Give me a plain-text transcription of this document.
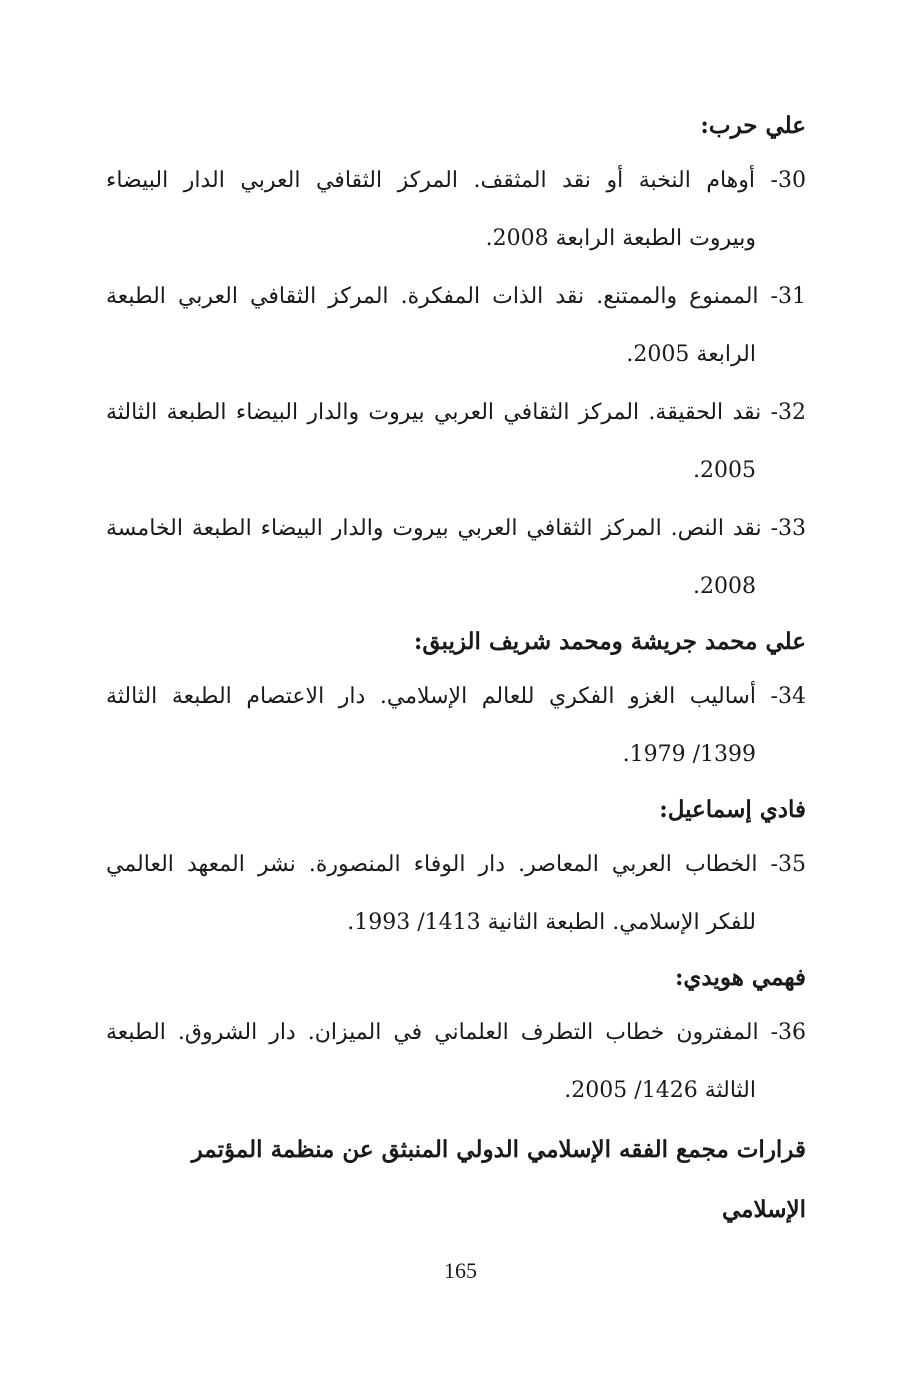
علي حرب:

30- أوهام النخبة أو نقد المثقف. المركز الثقافي العربي الدار البيضاء
وبيروت الطبعة الرابعة 2008.

31- الممنوع والممتنع. نقد الذات المفكرة. المركز الثقافي العربي الطبعة
الرابعة 2005.

32- نقد الحقيقة. المركز الثقافي العربي بيروت والدار البيضاء الطبعة الثالثة
2005.

33- نقد النص. المركز الثقافي العربي بيروت والدار البيضاء الطبعة الخامسة
2008.

علي محمد جريشة ومحمد شريف الزيبق:

34- أساليب الغزو الفكري للعالم الإسلامي. دار الاعتصام الطبعة الثالثة
1399/ 1979.

فادي إسماعيل:

35- الخطاب العربي المعاصر. دار الوفاء المنصورة. نشر المعهد العالمي
للفكر الإسلامي. الطبعة الثانية 1413/ 1993.

فهمي هويدي:

36- المفترون خطاب التطرف العلماني في الميزان. دار الشروق. الطبعة
الثالثة 1426/ 2005.

قرارات مجمع الفقه الإسلامي الدولي المنبثق عن منظمة المؤتمر الإسلامي
165
